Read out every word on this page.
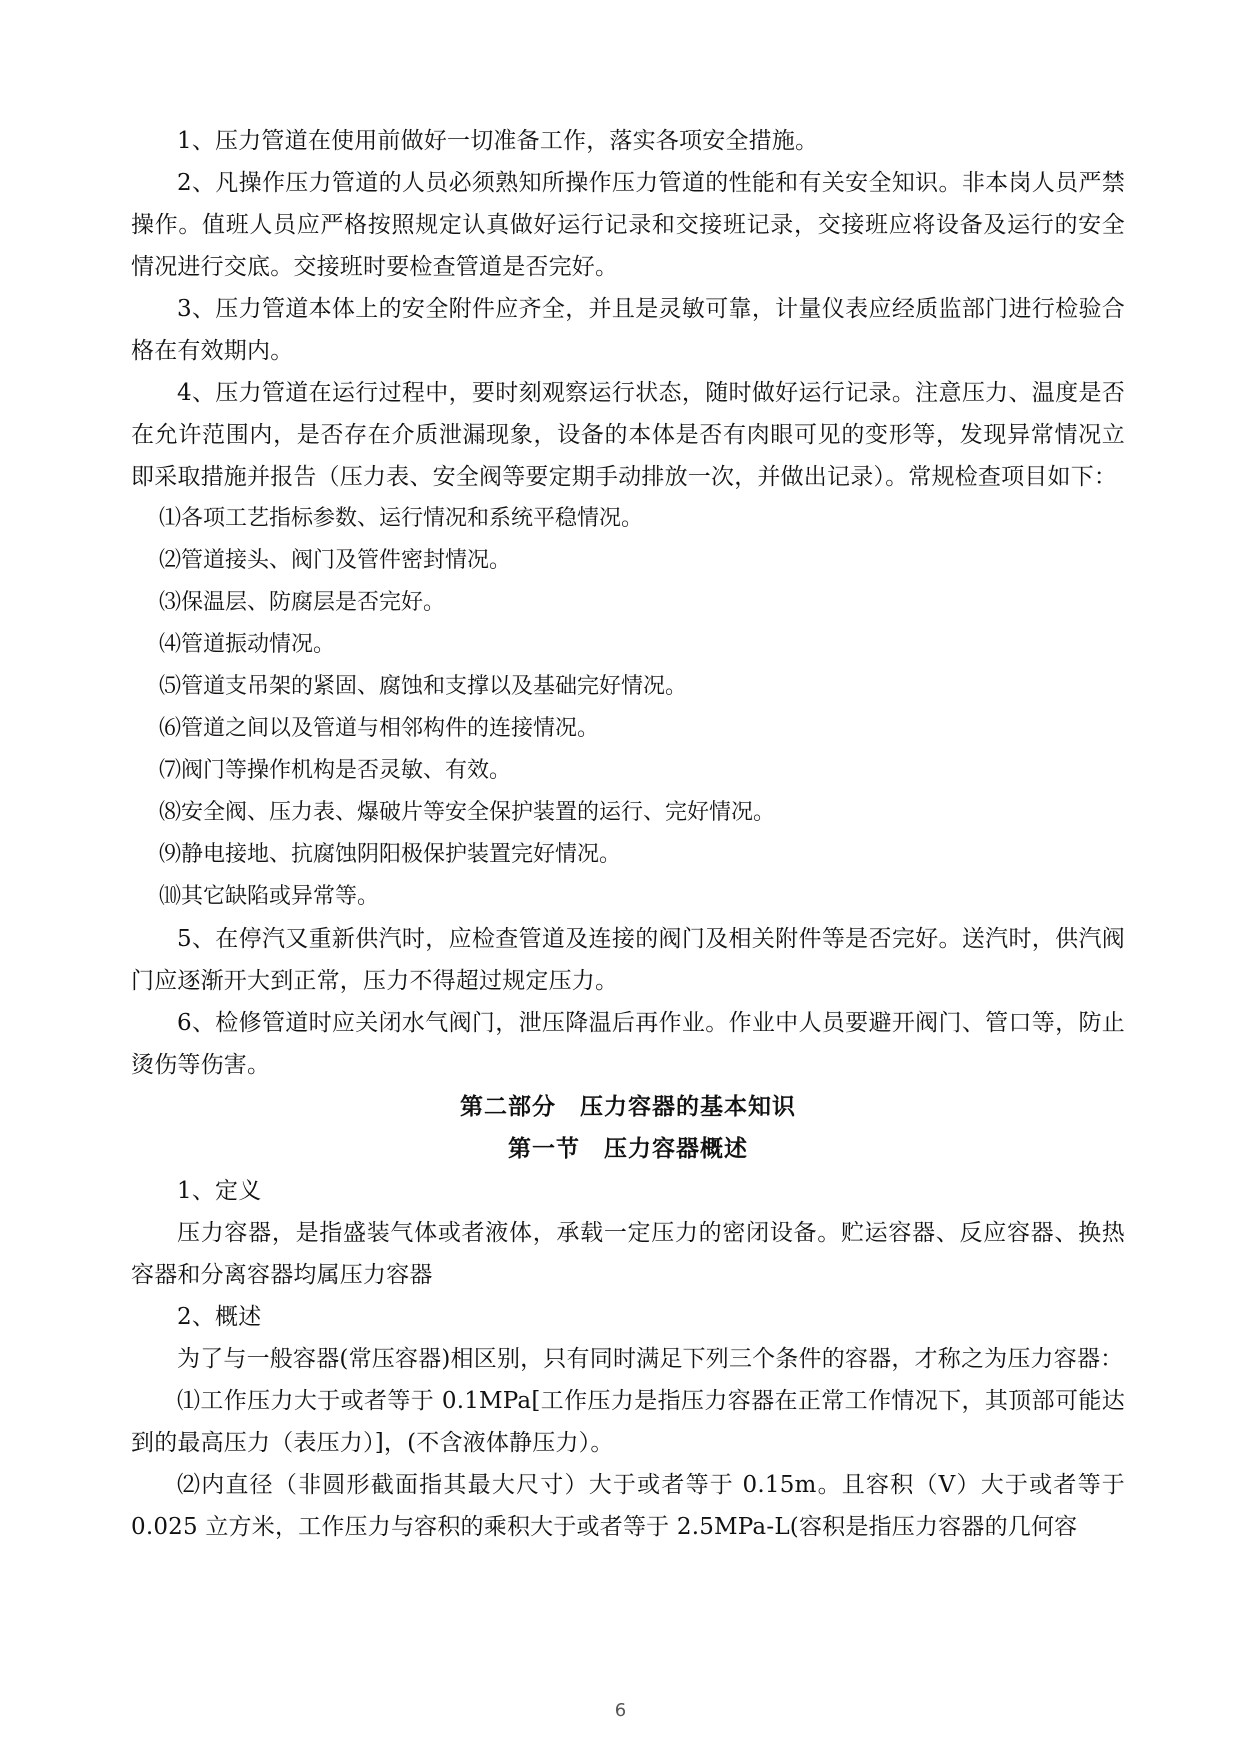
1、压力管道在使用前做好一切准备工作，落实各项安全措施。

2、凡操作压力管道的人员必须熟知所操作压力管道的性能和有关安全知识。非本岗人员严禁操作。值班人员应严格按照规定认真做好运行记录和交接班记录，交接班应将设备及运行的安全情况进行交底。交接班时要检查管道是否完好。

3、压力管道本体上的安全附件应齐全，并且是灵敏可靠，计量仪表应经质监部门进行检验合格在有效期内。

4、压力管道在运行过程中，要时刻观察运行状态，随时做好运行记录。注意压力、温度是否在允许范围内，是否存在介质泄漏现象，设备的本体是否有肉眼可见的变形等，发现异常情况立即采取措施并报告（压力表、安全阀等要定期手动排放一次，并做出记录）。常规检查项目如下：

⑴各项工艺指标参数、运行情况和系统平稳情况。

⑵管道接头、阀门及管件密封情况。

⑶保温层、防腐层是否完好。

⑷管道振动情况。

⑸管道支吊架的紧固、腐蚀和支撑以及基础完好情况。

⑹管道之间以及管道与相邻构件的连接情况。

⑺阀门等操作机构是否灵敏、有效。

⑻安全阀、压力表、爆破片等安全保护装置的运行、完好情况。

⑼静电接地、抗腐蚀阴阳极保护装置完好情况。

⑽其它缺陷或异常等。

5、在停汽又重新供汽时，应检查管道及连接的阀门及相关附件等是否完好。送汽时，供汽阀门应逐渐开大到正常，压力不得超过规定压力。

6、检修管道时应关闭水气阀门，泄压降温后再作业。作业中人员要避开阀门、管口等，防止烫伤等伤害。

第二部分　压力容器的基本知识
第一节　压力容器概述

1、定义

压力容器，是指盛装气体或者液体，承载一定压力的密闭设备。贮运容器、反应容器、换热容器和分离容器均属压力容器

2、概述

为了与一般容器(常压容器)相区别，只有同时满足下列三个条件的容器，才称之为压力容器：

⑴工作压力大于或者等于 0.1MPa[工作压力是指压力容器在正常工作情况下，其顶部可能达到的最高压力（表压力）]，(不含液体静压力）。

⑵内直径（非圆形截面指其最大尺寸）大于或者等于 0.15m。且容积（V）大于或者等于 0.025 立方米，工作压力与容积的乘积大于或者等于 2.5MPa-L(容积是指压力容器的几何容

6
